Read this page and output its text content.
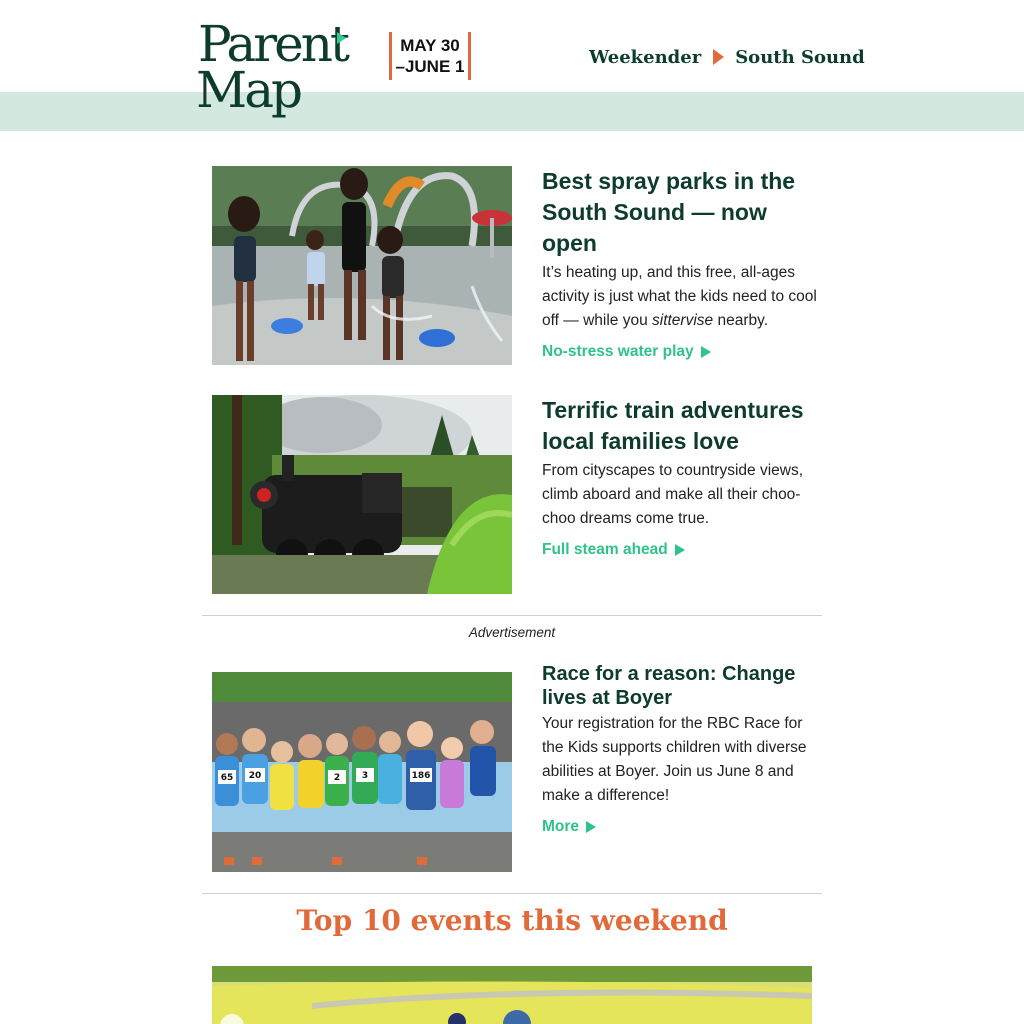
Parent
Map
MAY 30
–JUNE 1	Weekender South Sound
Best spray parks in the South Sound — now open

It’s heating up, and this free, all-ages activity is just what the kids need to cool off — while you sittervise nearby.

No-stress water play
Terrific train adventures local families love

From cityscapes to countryside views, climb aboard and make all their choo-choo dreams come true.

Full steam ahead
Advertisement
65 20	2 3	186
Race for a reason: Change lives at Boyer

Your registration for the RBC Race for the Kids supports children with diverse abilities at Boyer. Join us June 8 and make a difference!

More
Top 10 events this weekend
